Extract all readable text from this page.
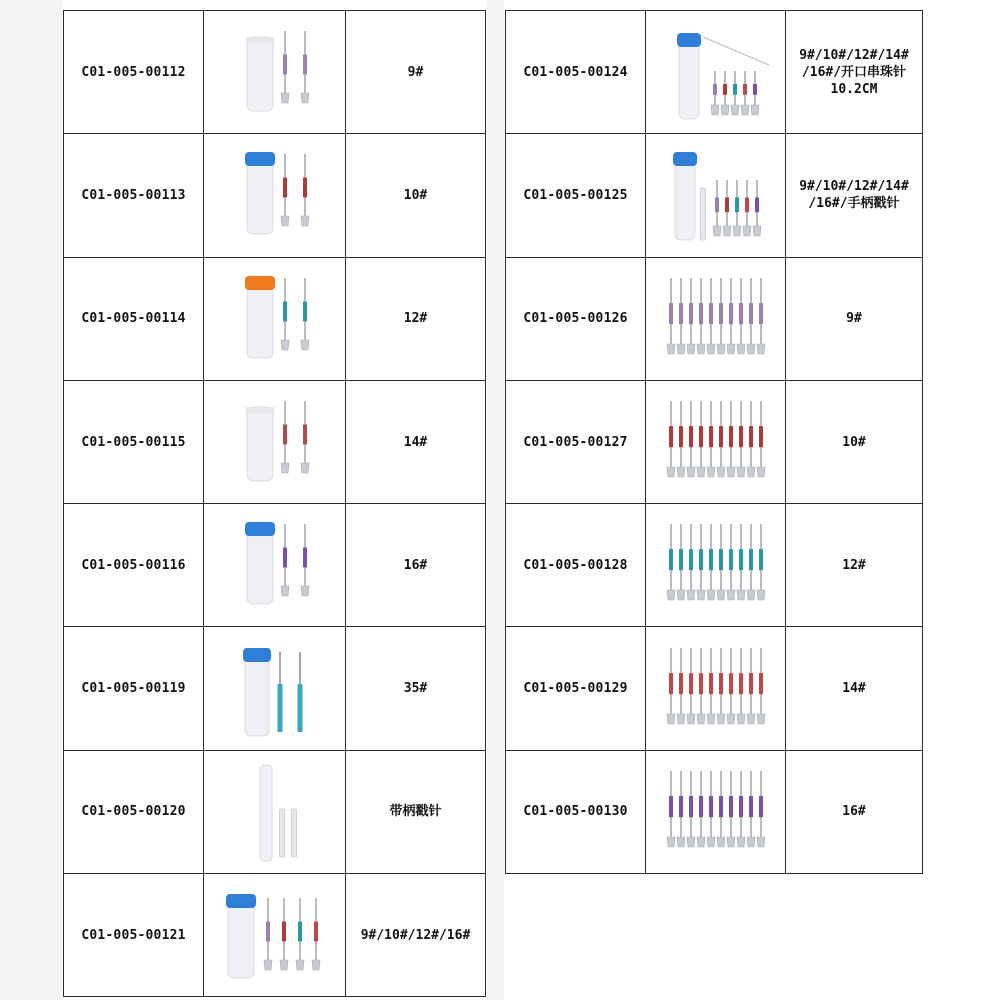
C01-005-00112		9#
C01-005-00113		10#
C01-005-00114		12#
C01-005-00115		14#
C01-005-00116		16#
C01-005-00119		35#
C01-005-00120		带柄戳针
C01-005-00121		9#/10#/12#/16#
C01-005-00124		9#/10#/12#/14#
/16#/开口串珠针
10.2CM
C01-005-00125		9#/10#/12#/14#
/16#/手柄戳针
C01-005-00126		9#
C01-005-00127		10#
C01-005-00128		12#
C01-005-00129		14#
C01-005-00130		16#
